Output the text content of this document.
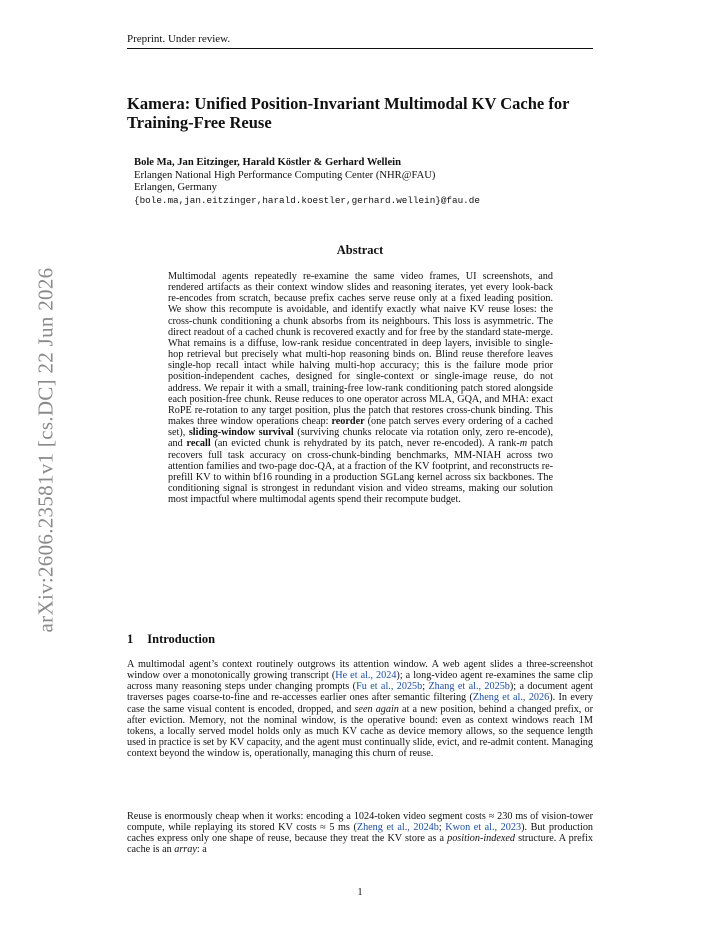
Preprint. Under review.
arXiv:2606.23581v1 [cs.DC] 22 Jun 2026
Kamera: Unified Position-Invariant Multimodal KV Cache for Training-Free Reuse
Bole Ma, Jan Eitzinger, Harald Köstler & Gerhard Wellein
Erlangen National High Performance Computing Center (NHR@FAU)
Erlangen, Germany
{bole.ma,jan.eitzinger,harald.koestler,gerhard.wellein}@fau.de
Abstract
Multimodal agents repeatedly re-examine the same video frames, UI screenshots, and rendered artifacts as their context window slides and reasoning iterates, yet every look-back re-encodes from scratch, because prefix caches serve reuse only at a fixed leading position. We show this recompute is avoidable, and identify exactly what naive KV reuse loses: the cross-chunk conditioning a chunk absorbs from its neighbours. This loss is asymmetric. The direct readout of a cached chunk is recovered exactly and for free by the standard state-merge. What remains is a diffuse, low-rank residue concentrated in deep layers, invisible to single-hop retrieval but precisely what multi-hop reasoning binds on. Blind reuse therefore leaves single-hop recall intact while halving multi-hop accuracy; this is the failure mode prior position-independent caches, designed for single-context or single-image reuse, do not address. We repair it with a small, training-free low-rank conditioning patch stored alongside each position-free chunk. Reuse reduces to one operator across MLA, GQA, and MHA: exact RoPE re-rotation to any target position, plus the patch that restores cross-chunk binding. This makes three window operations cheap: reorder (one patch serves every ordering of a cached set), sliding-window survival (surviving chunks relocate via rotation only, zero re-encode), and recall (an evicted chunk is rehydrated by its patch, never re-encoded). A rank-m patch recovers full task accuracy on cross-chunk-binding benchmarks, MM-NIAH across two attention families and two-page doc-QA, at a fraction of the KV footprint, and reconstructs re-prefill KV to within bf16 rounding in a production SGLang kernel across six backbones. The conditioning signal is strongest in redundant vision and video streams, making our solution most impactful where multimodal agents spend their recompute budget.
1 Introduction
A multimodal agent’s context routinely outgrows its attention window. A web agent slides a three-screenshot window over a monotonically growing transcript (He et al., 2024); a long-video agent re-examines the same clip across many reasoning steps under changing prompts (Fu et al., 2025b; Zhang et al., 2025b); a document agent traverses pages coarse-to-fine and re-accesses earlier ones after semantic filtering (Zheng et al., 2026). In every case the same visual content is encoded, dropped, and seen again at a new position, behind a changed prefix, or after eviction. Memory, not the nominal window, is the operative bound: even as context windows reach 1M tokens, a locally served model holds only as much KV cache as device memory allows, so the sequence length used in practice is set by KV capacity, and the agent must continually slide, evict, and re-admit content. Managing context beyond the window is, operationally, managing this churn of reuse.
Reuse is enormously cheap when it works: encoding a 1024-token video segment costs ≈ 230 ms of vision-tower compute, while replaying its stored KV costs ≈ 5 ms (Zheng et al., 2024b; Kwon et al., 2023). But production caches express only one shape of reuse, because they treat the KV store as a position-indexed structure. A prefix cache is an array: a
1
